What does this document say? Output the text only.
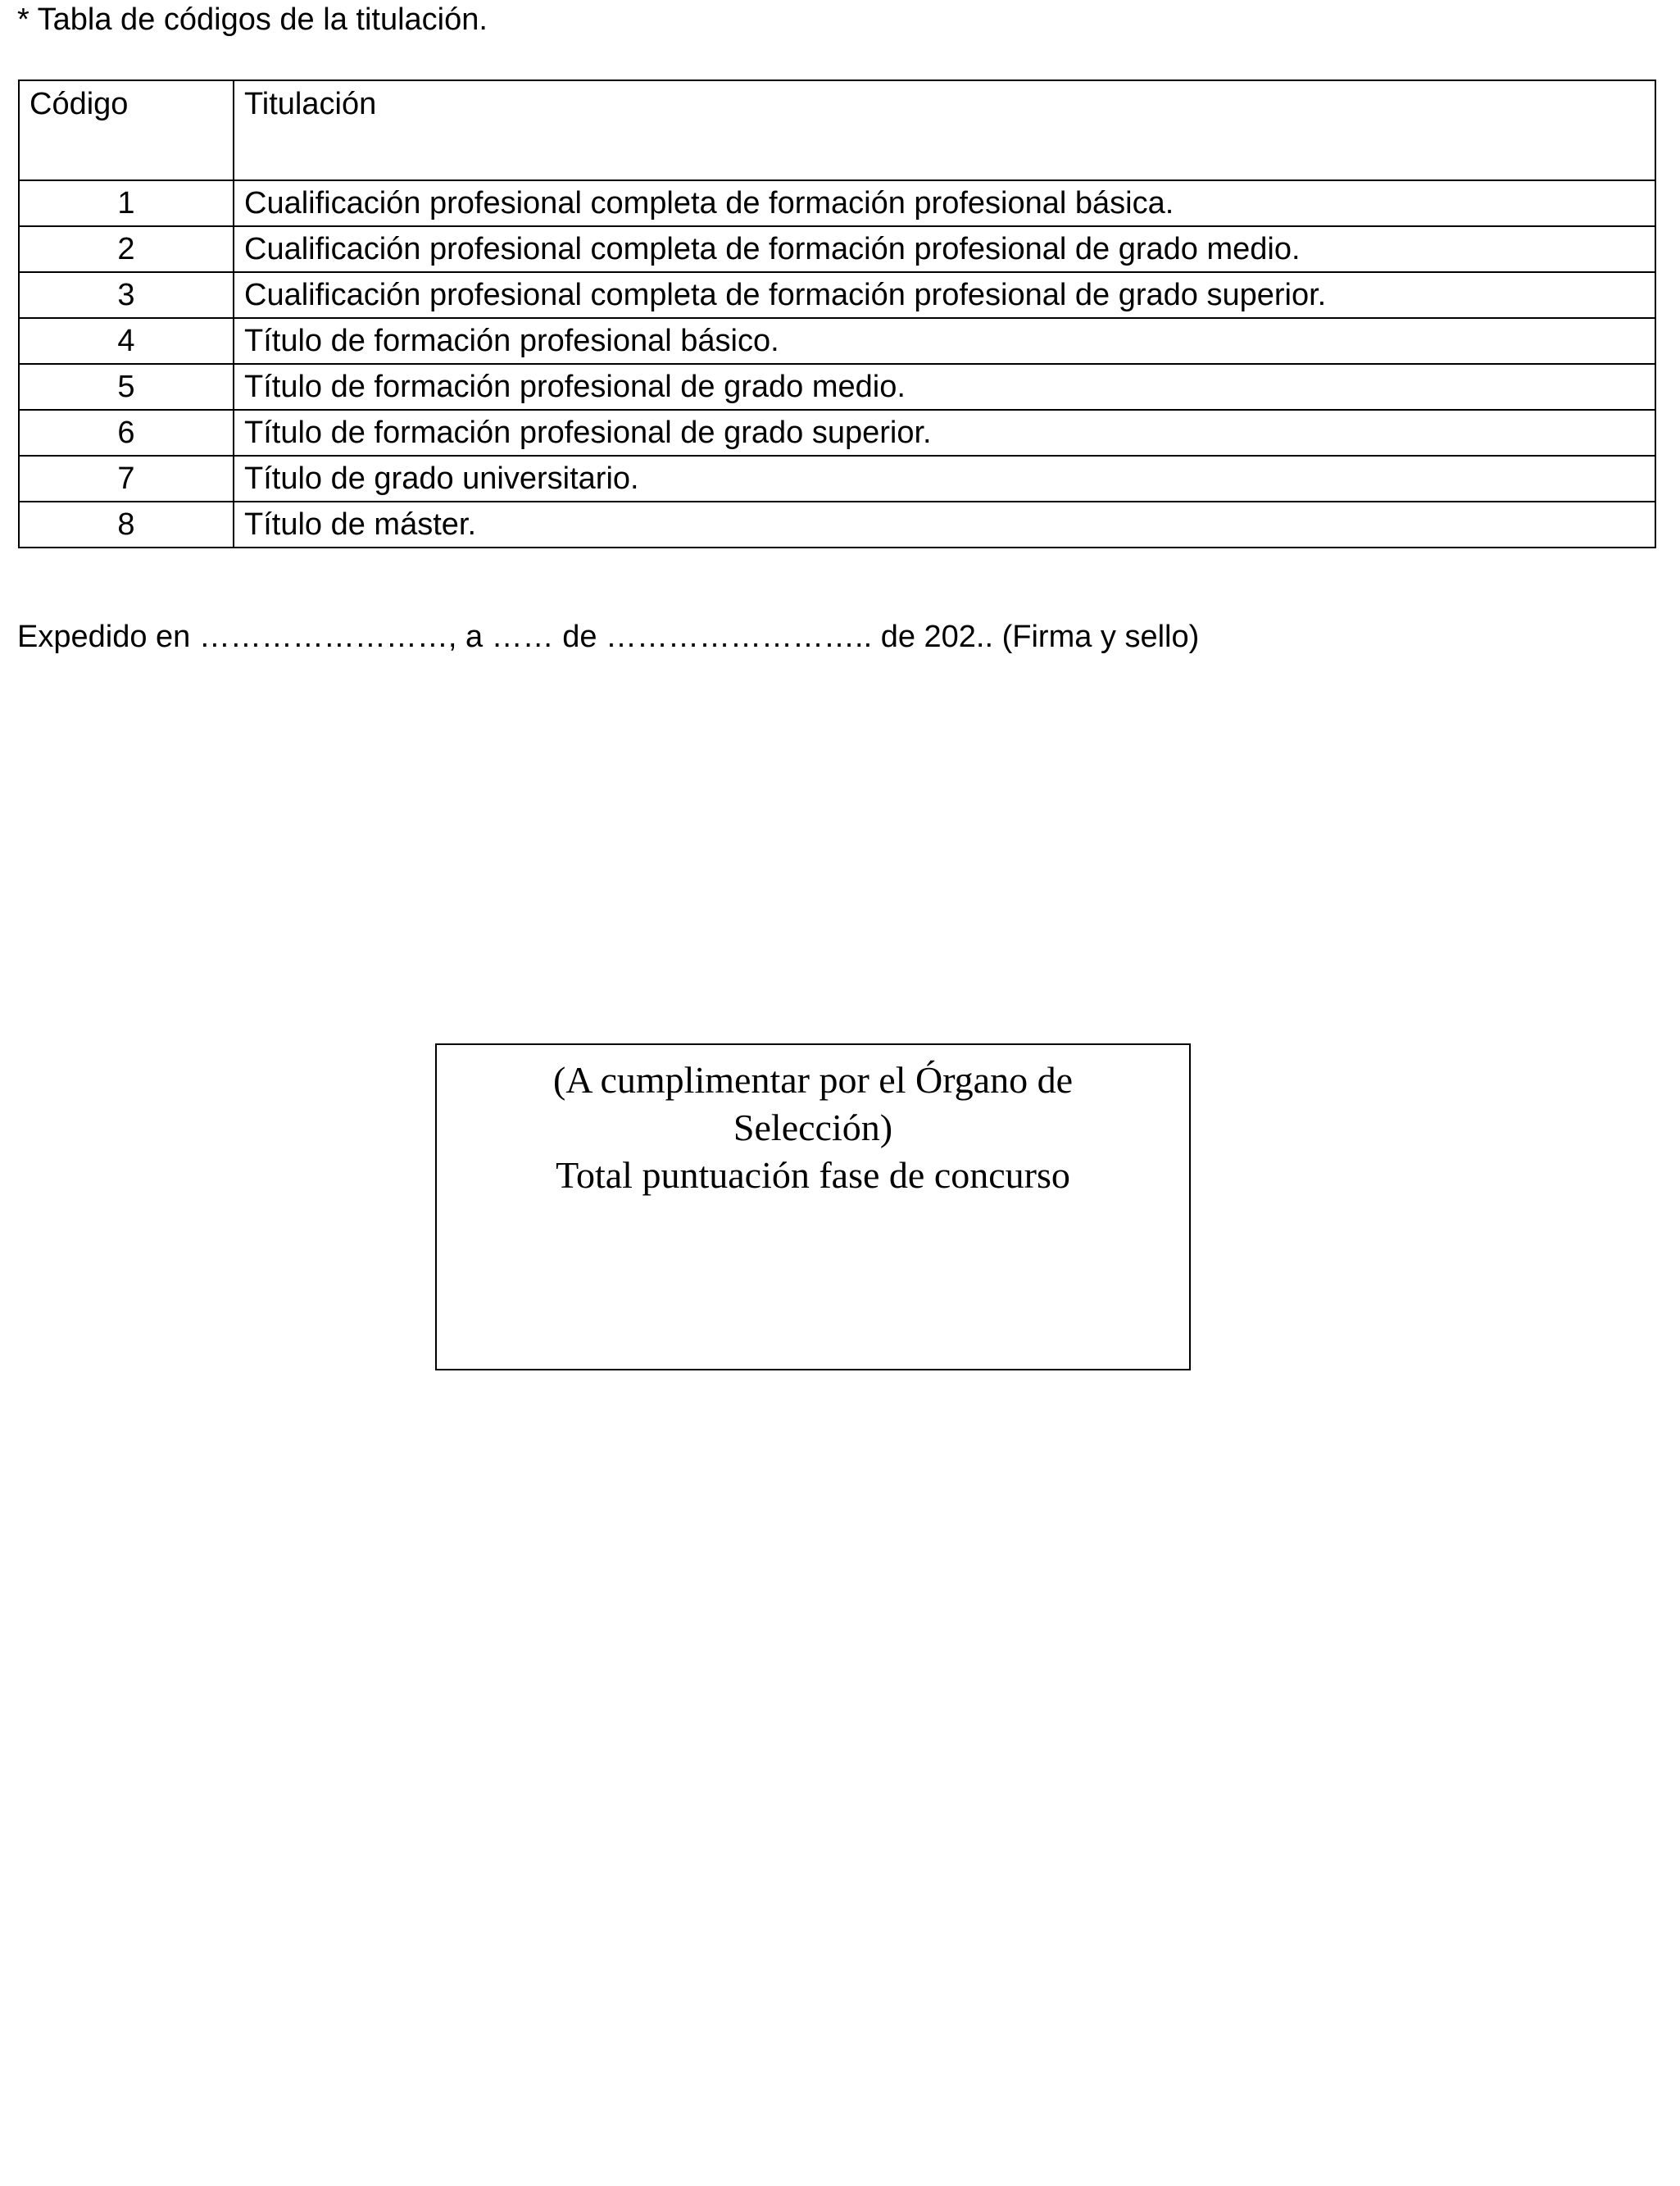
* Tabla de códigos de la titulación.
Código	Titulación
1	Cualificación profesional completa de formación profesional básica.
2	Cualificación profesional completa de formación profesional de grado medio.
3	Cualificación profesional completa de formación profesional de grado superior.
4	Título de formación profesional básico.
5	Título de formación profesional de grado medio.
6	Título de formación profesional de grado superior.
7	Título de grado universitario.
8	Título de máster.
Expedido en ……………………, a …… de …………………….. de 202.. (Firma y sello)
(A cumplimentar por el Órgano de
Selección)
Total puntuación fase de concurso
